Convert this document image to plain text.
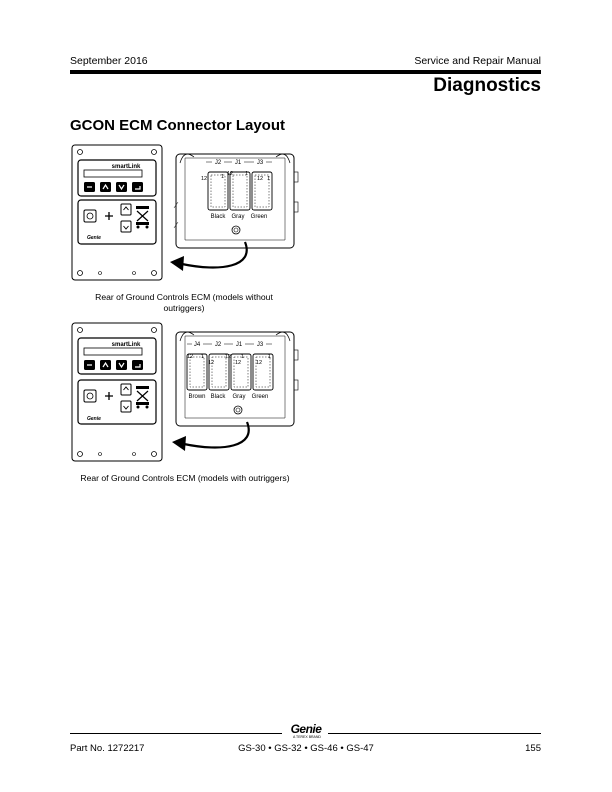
September 2016	Service and Repair Manual
Diagnostics
GCON ECM Connector Layout
smartLink
Genie
J2 J1	J3
12	1 12 1
12 1
Black Gray Green
Rear of Ground Controls ECM (models without outriggers)
smartLink
Genie
J4 J2 J1 J3
12 1
12
12 1
12	12
1
Brown Black Gray Green
Rear of Ground Controls ECM (models with outriggers)
Genie
A TEREX BRAND
Part No. 1272217	GS-30 • GS-32 • GS-46 • GS-47	155
